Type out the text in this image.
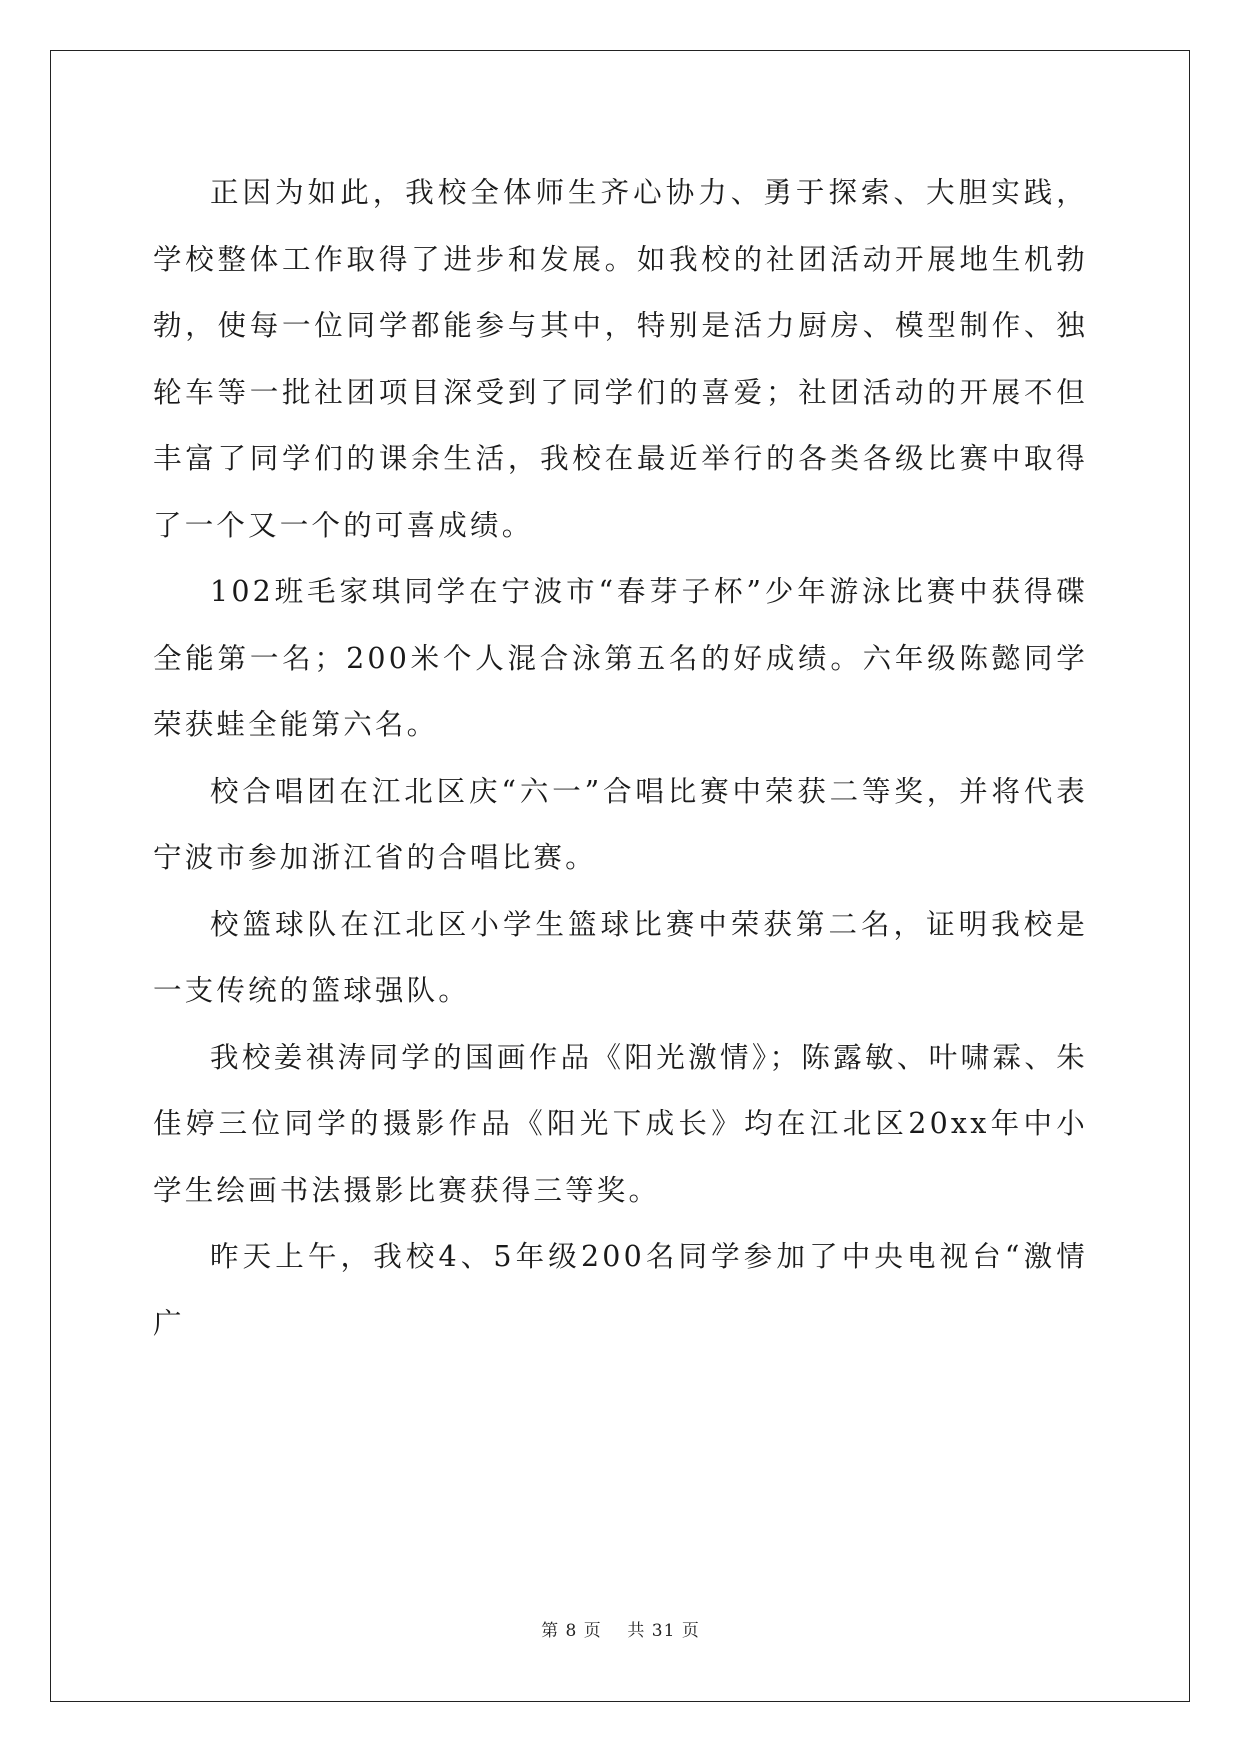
正因为如此，我校全体师生齐心协力、勇于探索、大胆实践，学校整体工作取得了进步和发展。如我校的社团活动开展地生机勃勃，使每一位同学都能参与其中，特别是活力厨房、模型制作、独轮车等一批社团项目深受到了同学们的喜爱；社团活动的开展不但丰富了同学们的课余生活，我校在最近举行的各类各级比赛中取得了一个又一个的可喜成绩。

102班毛家琪同学在宁波市“春芽子杯”少年游泳比赛中获得碟全能第一名；200米个人混合泳第五名的好成绩。六年级陈懿同学荣获蛙全能第六名。

校合唱团在江北区庆“六一”合唱比赛中荣获二等奖，并将代表宁波市参加浙江省的合唱比赛。

校篮球队在江北区小学生篮球比赛中荣获第二名，证明我校是一支传统的篮球强队。

我校姜祺涛同学的国画作品《阳光激情》；陈露敏、叶啸霖、朱佳婷三位同学的摄影作品《阳光下成长》均在江北区20xx年中小学生绘画书法摄影比赛获得三等奖。

昨天上午，我校4、5年级200名同学参加了中央电视台“激情广

第 8 页    共 31 页
